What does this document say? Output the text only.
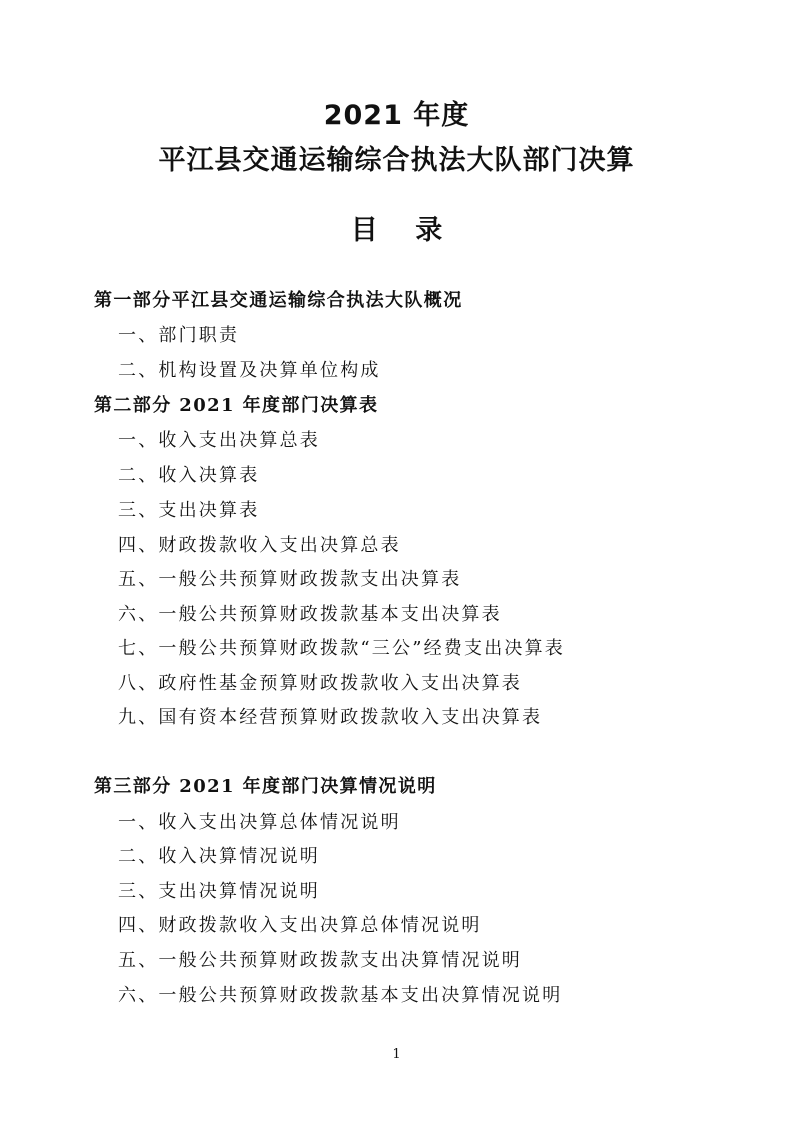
2021 年度
平江县交通运输综合执法大队部门决算
目 录
第一部分平江县交通运输综合执法大队概况
一、部门职责
二、机构设置及决算单位构成
第二部分 2021 年度部门决算表
一、收入支出决算总表
二、收入决算表
三、支出决算表
四、财政拨款收入支出决算总表
五、一般公共预算财政拨款支出决算表
六、一般公共预算财政拨款基本支出决算表
七、一般公共预算财政拨款“三公”经费支出决算表
八、政府性基金预算财政拨款收入支出决算表
九、国有资本经营预算财政拨款收入支出决算表
第三部分 2021 年度部门决算情况说明
一、收入支出决算总体情况说明
二、收入决算情况说明
三、支出决算情况说明
四、财政拨款收入支出决算总体情况说明
五、一般公共预算财政拨款支出决算情况说明
六、一般公共预算财政拨款基本支出决算情况说明
1
